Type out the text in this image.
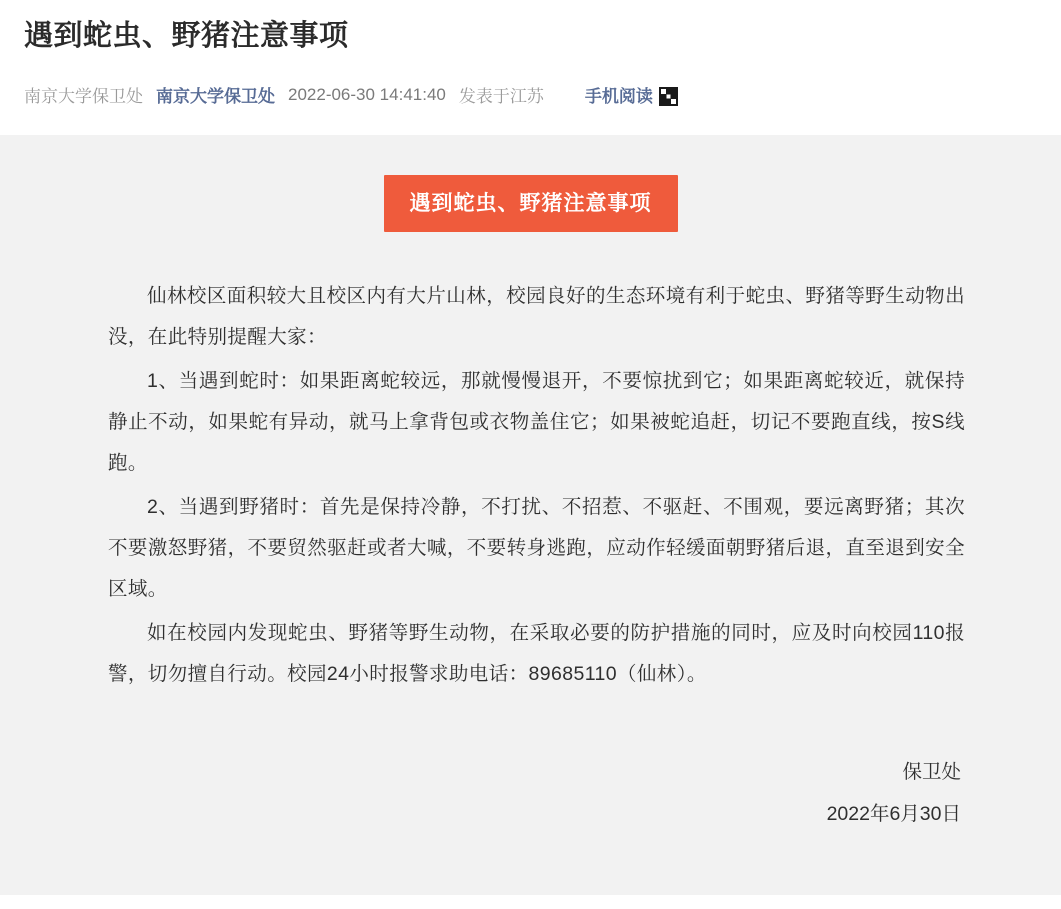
遇到蛇虫、野猪注意事项
南京大学保卫处 南京大学保卫处 2022-06-30 14:41:40 发表于江苏 手机阅读
遇到蛇虫、野猪注意事项

仙林校区面积较大且校区内有大片山林，校园良好的生态环境有利于蛇虫、野猪等野生动物出没，在此特别提醒大家：

1、当遇到蛇时：如果距离蛇较远，那就慢慢退开，不要惊扰到它；如果距离蛇较近，就保持静止不动，如果蛇有异动，就马上拿背包或衣物盖住它；如果被蛇追赶，切记不要跑直线，按S线跑。

2、当遇到野猪时：首先是保持冷静，不打扰、不招惹、不驱赶、不围观，要远离野猪；其次不要激怒野猪，不要贸然驱赶或者大喊，不要转身逃跑，应动作轻缓面朝野猪后退，直至退到安全区域。

如在校园内发现蛇虫、野猪等野生动物，在采取必要的防护措施的同时，应及时向校园110报警，切勿擅自行动。校园24小时报警求助电话：89685110（仙林）。

保卫处
2022年6月30日
